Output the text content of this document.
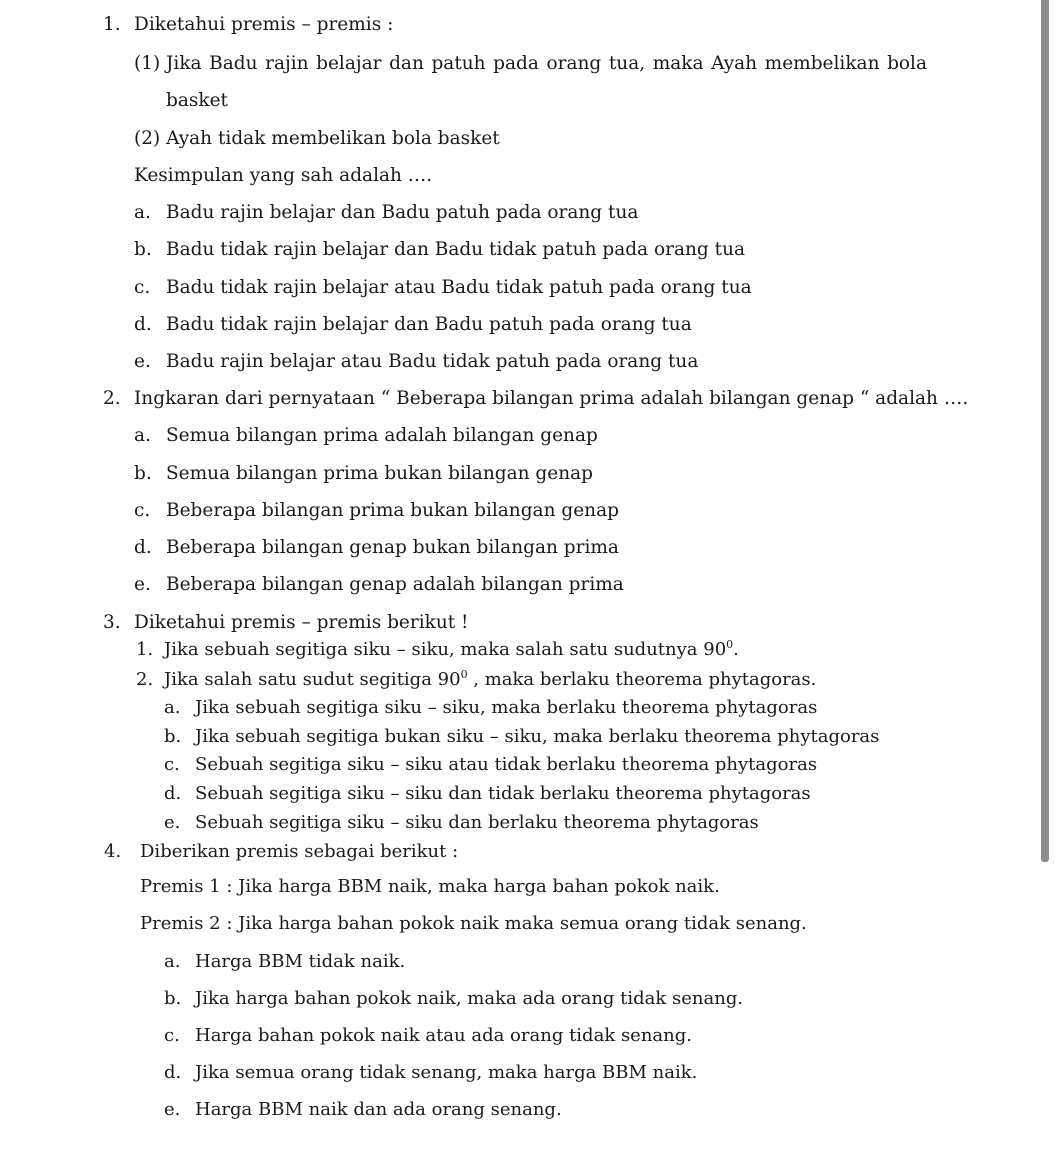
1. Diketahui premis – premis :
(1) Jika Badu rajin belajar dan patuh pada orang tua, maka Ayah membelikan bola
basket
(2) Ayah tidak membelikan bola basket
Kesimpulan yang sah adalah ….
a. Badu rajin belajar dan Badu patuh pada orang tua
b. Badu tidak rajin belajar dan Badu tidak patuh pada orang tua
c. Badu tidak rajin belajar atau Badu tidak patuh pada orang tua
d. Badu tidak rajin belajar dan Badu patuh pada orang tua
e. Badu rajin belajar atau Badu tidak patuh pada orang tua
2. Ingkaran dari pernyataan “ Beberapa bilangan prima adalah bilangan genap “ adalah ….
a. Semua bilangan prima adalah bilangan genap
b. Semua bilangan prima bukan bilangan genap
c. Beberapa bilangan prima bukan bilangan genap
d. Beberapa bilangan genap bukan bilangan prima
e. Beberapa bilangan genap adalah bilangan prima
3. Diketahui premis – premis berikut !
1. Jika sebuah segitiga siku – siku, maka salah satu sudutnya $90^0$.
2. Jika salah satu sudut segitiga $90^0$ , maka berlaku theorema phytagoras.
a. Jika sebuah segitiga siku – siku, maka berlaku theorema phytagoras
b. Jika sebuah segitiga bukan siku – siku, maka berlaku theorema phytagoras
c. Sebuah segitiga siku – siku atau tidak berlaku theorema phytagoras
d. Sebuah segitiga siku – siku dan tidak berlaku theorema phytagoras
e. Sebuah segitiga siku – siku dan berlaku theorema phytagoras
4. Diberikan premis sebagai berikut :
Premis 1 : Jika harga BBM naik, maka harga bahan pokok naik.
Premis 2 : Jika harga bahan pokok naik maka semua orang tidak senang.
a. Harga BBM tidak naik.
b. Jika harga bahan pokok naik, maka ada orang tidak senang.
c. Harga bahan pokok naik atau ada orang tidak senang.
d. Jika semua orang tidak senang, maka harga BBM naik.
e. Harga BBM naik dan ada orang senang.
